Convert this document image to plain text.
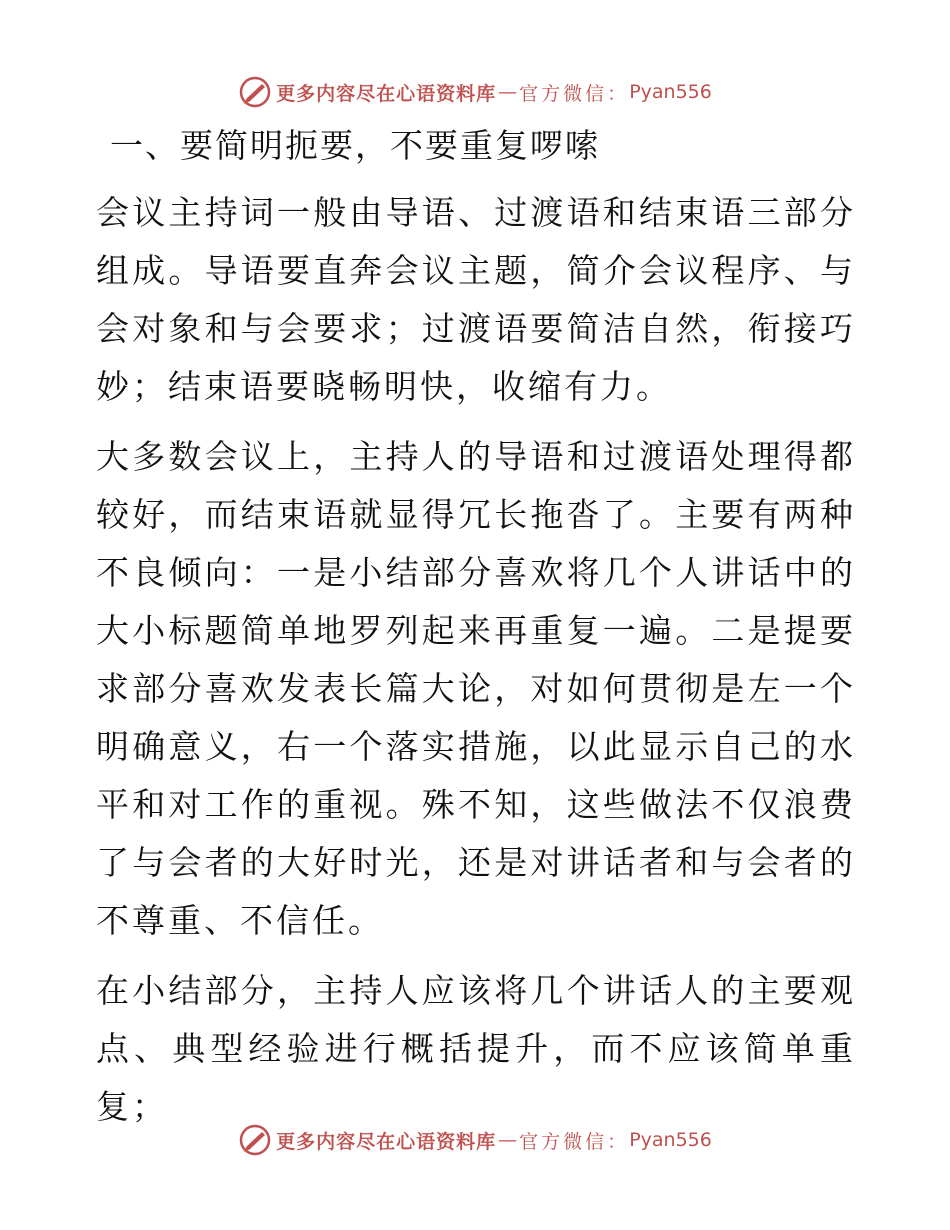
更多内容尽在心语资料库 — 官方微信： Pyan556
一、要简明扼要，不要重复啰嗦

会议主持词一般由导语、过渡语和结束语三部分组成。导语要直奔会议主题，简介会议程序、与会对象和与会要求；过渡语要简洁自然，衔接巧妙；结束语要晓畅明快，收缩有力。

大多数会议上，主持人的导语和过渡语处理得都较好，而结束语就显得冗长拖沓了。主要有两种不良倾向：一是小结部分喜欢将几个人讲话中的大小标题简单地罗列起来再重复一遍。二是提要求部分喜欢发表长篇大论，对如何贯彻是左一个明确意义，右一个落实措施，以此显示自己的水平和对工作的重视。殊不知，这些做法不仅浪费了与会者的大好时光，还是对讲话者和与会者的不尊重、不信任。

在小结部分，主持人应该将几个讲话人的主要观点、典型经验进行概括提升，而不应该简单重复；

更多内容尽在心语资料库 — 官方微信： Pyan556
